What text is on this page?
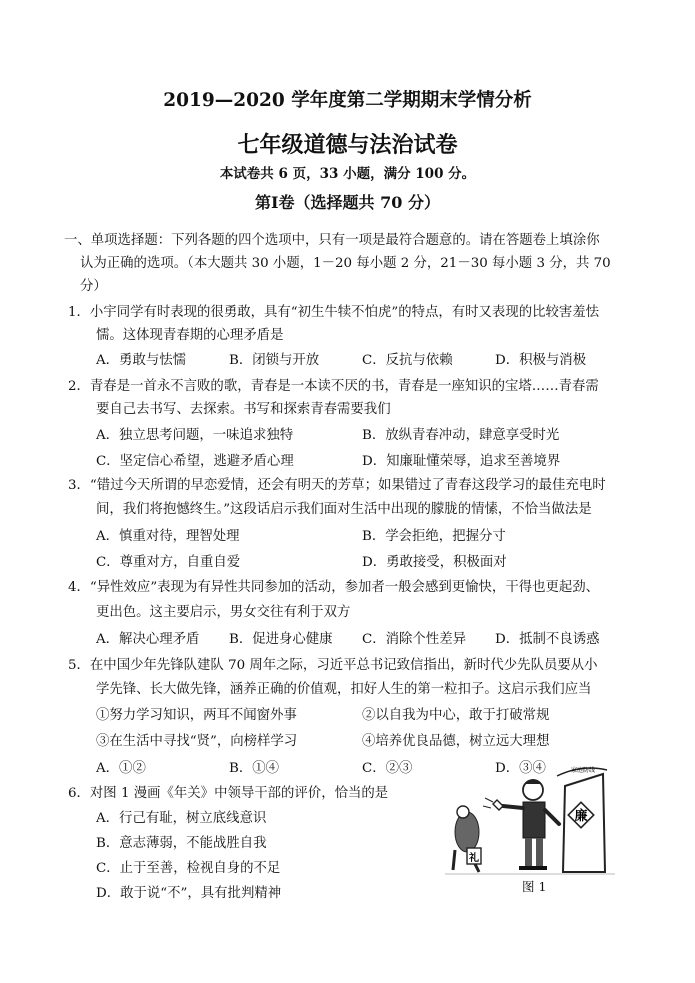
2019—2020 学年度第二学期期末学情分析
七年级道德与法治试卷
本试卷共 6 页，33 小题，满分 100 分。
第Ⅰ卷（选择题共 70 分）
一、单项选择题：下列各题的四个选项中，只有一项是最符合题意的。请在答题卷上填涂你
认为正确的选项。（本大题共 30 小题，1－20 每小题 2 分，21－30 每小题 3 分，共 70
分）
1．小宇同学有时表现的很勇敢，具有“初生牛犊不怕虎”的特点，有时又表现的比较害羞怯
懦。这体现青春期的心理矛盾是
A．勇敢与怯懦	B．闭锁与开放	C．反抗与依赖	D．积极与消极
2．青春是一首永不言败的歌，青春是一本读不厌的书，青春是一座知识的宝塔……青春需
要自己去书写、去探索。书写和探索青春需要我们
A．独立思考问题，一味追求独特	B．放纵青春冲动，肆意享受时光
C．坚定信心希望，逃避矛盾心理	D．知廉耻懂荣辱，追求至善境界
3．“错过今天所谓的早恋爱情，还会有明天的芳草；如果错过了青春这段学习的最佳充电时
间，我们将抱憾终生。”这段话启示我们面对生活中出现的朦胧的情愫，不恰当做法是
A．慎重对待，理智处理	B．学会拒绝，把握分寸
C．尊重对方，自重自爱	D．勇敢接受，积极面对
4．“异性效应”表现为有异性共同参加的活动，参加者一般会感到更愉快，干得也更起劲、
更出色。这主要启示，男女交往有利于双方
A．解决心理矛盾 B．促进身心健康 C．消除个性差异 D．抵制不良诱惑
5．在中国少年先锋队建队 70 周年之际，习近平总书记致信指出，新时代少先队员要从小
学先锋、长大做先锋，涵养正确的价值观，扣好人生的第一粒扣子。这启示我们应当
①努力学习知识，两耳不闻窗外事	②以自我为中心，敢于打破常规
③在生活中寻找“贤”，向榜样学习	④培养优良品德，树立远大理想
A．①②	B．①④	C．②③	D．③④
6．对图 1 漫画《年关》中领导干部的评价，恰当的是
A．行己有耻，树立底线意识
B．意志薄弱，不能战胜自我
C．止于至善，检视自身的不足
D．敢于说“不”，具有批判精神
廉
家庭防线
礼
图 1
